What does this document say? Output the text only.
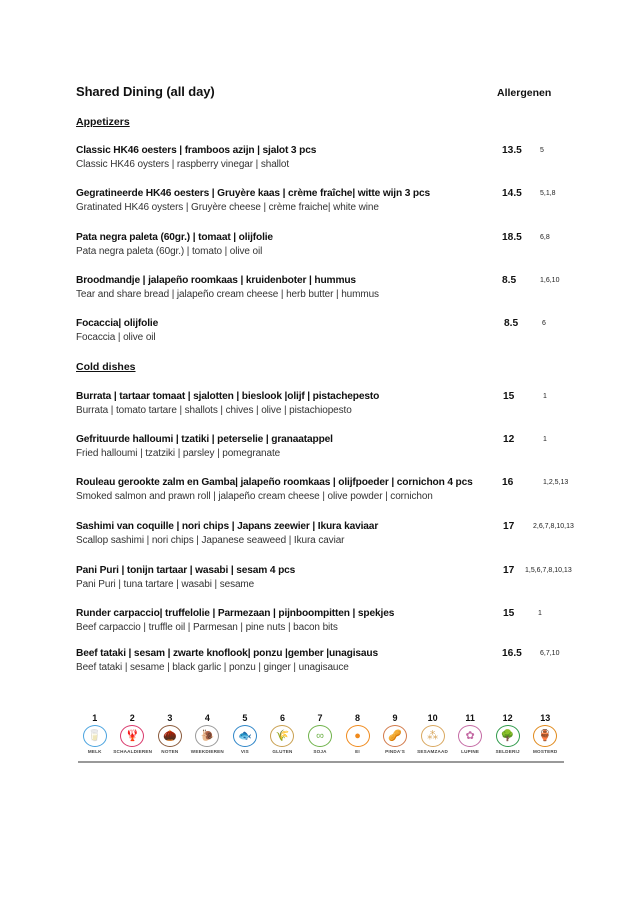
Shared Dining (all day)	Allergenen
Appetizers
Classic HK46 oesters | framboos azijn | sjalot 3 pcs
Classic HK46 oysters | raspberry vinegar | shallot
13.5	5
Gegratineerde HK46 oesters | Gruyère kaas | crème fraîche| witte wijn 3 pcs
Gratinated HK46 oysters | Gruyère cheese | crème fraiche| white wine
14.5	5,1,8
Pata negra paleta (60gr.) | tomaat | olijfolie
Pata negra paleta (60gr.) | tomato | olive oil
18.5	6,8
Broodmandje | jalapeño roomkaas | kruidenboter | hummus
Tear and share bread | jalapeño cream cheese | herb butter | hummus
8.5	1,6,10
Focaccia| olijfolie
Focaccia | olive oil
8.5	6
Cold dishes
Burrata | tartaar tomaat | sjalotten | bieslook |olijf | pistachepesto
Burrata | tomato tartare | shallots | chives | olive | pistachiopesto
15	1
Gefrituurde halloumi | tzatiki | peterselie | granaatappel
Fried halloumi | tzatziki | parsley | pomegranate
12	1
Rouleau gerookte zalm en Gamba| jalapeño roomkaas | olijfpoeder | cornichon 4 pcs
Smoked salmon and prawn roll | jalapeño cream cheese | olive powder | cornichon
16	1,2,5,13
Sashimi van coquille | nori chips | Japans zeewier | Ikura kaviaar
Scallop sashimi | nori chips | Japanese seaweed | Ikura caviar
17	2,6,7,8,10,13
Pani Puri | tonijn tartaar | wasabi | sesam 4 pcs
Pani Puri | tuna tartare | wasabi | sesame
17 1,5,6,7,8,10,13
Runder carpaccio| truffelolie | Parmezaan | pijnboompitten | spekjes
Beef carpaccio | truffle oil | Parmesan | pine nuts | bacon bits
15	1
Beef tataki | sesam | zwarte knoflook| ponzu |gember |unagisaus
Beef tataki | sesame | black garlic | ponzu | ginger | unagisauce
16.5	6,7,10
1
🥛
MELK
2
🦞
SCHAALDIEREN
3
🌰
NOTEN
4
🐌
WEEKDIEREN
5
🐟
VIS
6
🌾
GLUTEN
7
∞
SOJA
8
●
EI
9
🥜
PINDA'S
10
⁂
SESAMZAAD
11
✿
LUPINE
12
🌳
SELDERIJ
13
🏺
MOSTERD
